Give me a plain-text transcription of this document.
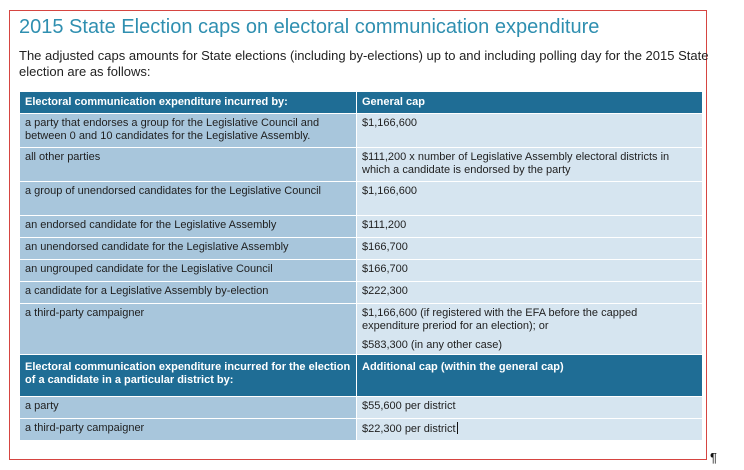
2015 State Election caps on electoral communication expenditure
The adjusted caps amounts for State elections (including by-elections) up to and including polling day for the 2015 State election are as follows:
Electoral communication expenditure incurred by:	General cap
a party that endorses a group for the Legislative Council and between 0 and 10 candidates for the Legislative Assembly.	$1,166,600
all other parties	$111,200 x number of Legislative Assembly electoral districts in which a candidate is endorsed by the party
a group of unendorsed candidates for the Legislative Council	$1,166,600
an endorsed candidate for the Legislative Assembly	$111,200
an unendorsed candidate for the Legislative Assembly	$166,700
an ungrouped candidate for the Legislative Council	$166,700
a candidate for a Legislative Assembly by-election	$222,300
a third-party campaigner	$1,166,600 (if registered with the EFA before the capped expenditure preriod for an election); or
$583,300 (in any other case)

Electoral communication expenditure incurred for the election of a candidate in a particular district by:	Additional cap (within the general cap)
a party	$55,600 per district
a third-party campaigner	$22,300 per district
¶
